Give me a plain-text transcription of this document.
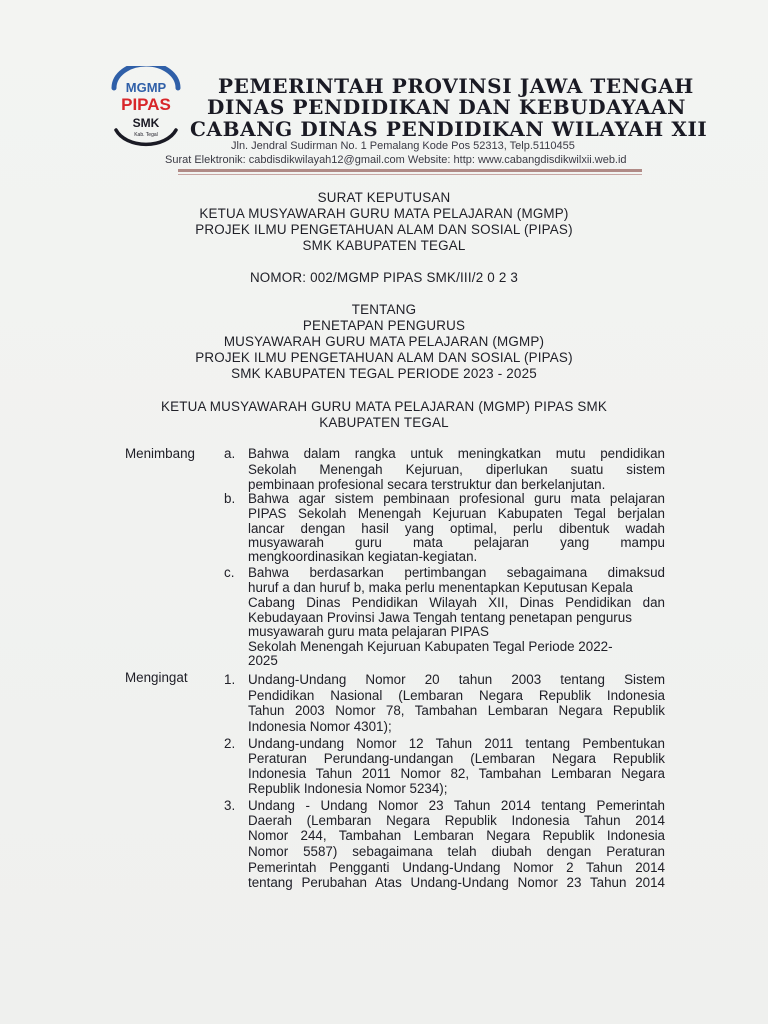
MGMP
PIPAS
SMK
Kab. Tegal
PEMERINTAH PROVINSI JAWA TENGAH
DINAS PENDIDIKAN DAN KEBUDAYAAN
CABANG DINAS PENDIDIKAN WILAYAH XII
Jln. Jendral Sudirman No. 1 Pemalang Kode Pos 52313, Telp.5110455
Surat Elektronik: cabdisdikwilayah12@gmail.com Website: http: www.cabangdisdikwilxii.web.id
SURAT KEPUTUSAN
KETUA MUSYAWARAH GURU MATA PELAJARAN (MGMP)
PROJEK ILMU PENGETAHUAN ALAM DAN SOSIAL (PIPAS)
SMK KABUPATEN TEGAL
NOMOR: 002/MGMP PIPAS SMK/III/2 0 2 3
TENTANG
PENETAPAN PENGURUS
MUSYAWARAH GURU MATA PELAJARAN (MGMP)
PROJEK ILMU PENGETAHUAN ALAM DAN SOSIAL (PIPAS)
SMK KABUPATEN TEGAL PERIODE 2023 - 2025
KETUA MUSYAWARAH GURU MATA PELAJARAN (MGMP) PIPAS SMK
KABUPATEN TEGAL
Menimbang a. Bahwa dalam rangka untuk meningkatkan mutu pendidikan
Sekolah Menengah Kejuruan, diperlukan suatu sistem
pembinaan profesional secara terstruktur dan berkelanjutan.
b. Bahwa agar sistem pembinaan profesional guru mata pelajaran
PIPAS Sekolah Menengah Kejuruan Kabupaten Tegal berjalan
lancar dengan hasil yang optimal, perlu dibentuk wadah
musyawarah guru mata pelajaran yang mampu
mengkoordinasikan kegiatan-kegiatan.
c. Bahwa berdasarkan pertimbangan sebagaimana dimaksud
huruf a dan huruf b, maka perlu menentapkan Keputusan Kepala
Cabang Dinas Pendidikan Wilayah XII, Dinas Pendidikan dan
Kebudayaan Provinsi Jawa Tengah tentang penetapan pengurus
musyawarah guru mata pelajaran PIPAS
Sekolah Menengah Kejuruan Kabupaten Tegal Periode 2022-
2025
Mengingat	1. Undang-Undang Nomor 20 tahun 2003 tentang Sistem
Pendidikan Nasional (Lembaran Negara Republik Indonesia
Tahun 2003 Nomor 78, Tambahan Lembaran Negara Republik
Indonesia Nomor 4301);
2. Undang-undang Nomor 12 Tahun 2011 tentang Pembentukan
Peraturan Perundang-undangan (Lembaran Negara Republik
Indonesia Tahun 2011 Nomor 82, Tambahan Lembaran Negara
Republik Indonesia Nomor 5234);
3. Undang - Undang Nomor 23 Tahun 2014 tentang Pemerintah
Daerah (Lembaran Negara Republik Indonesia Tahun 2014
Nomor 244, Tambahan Lembaran Negara Republik Indonesia
Nomor 5587) sebagaimana telah diubah dengan Peraturan
Pemerintah Pengganti Undang-Undang Nomor 2 Tahun 2014
tentang Perubahan Atas Undang-Undang Nomor 23 Tahun 2014
